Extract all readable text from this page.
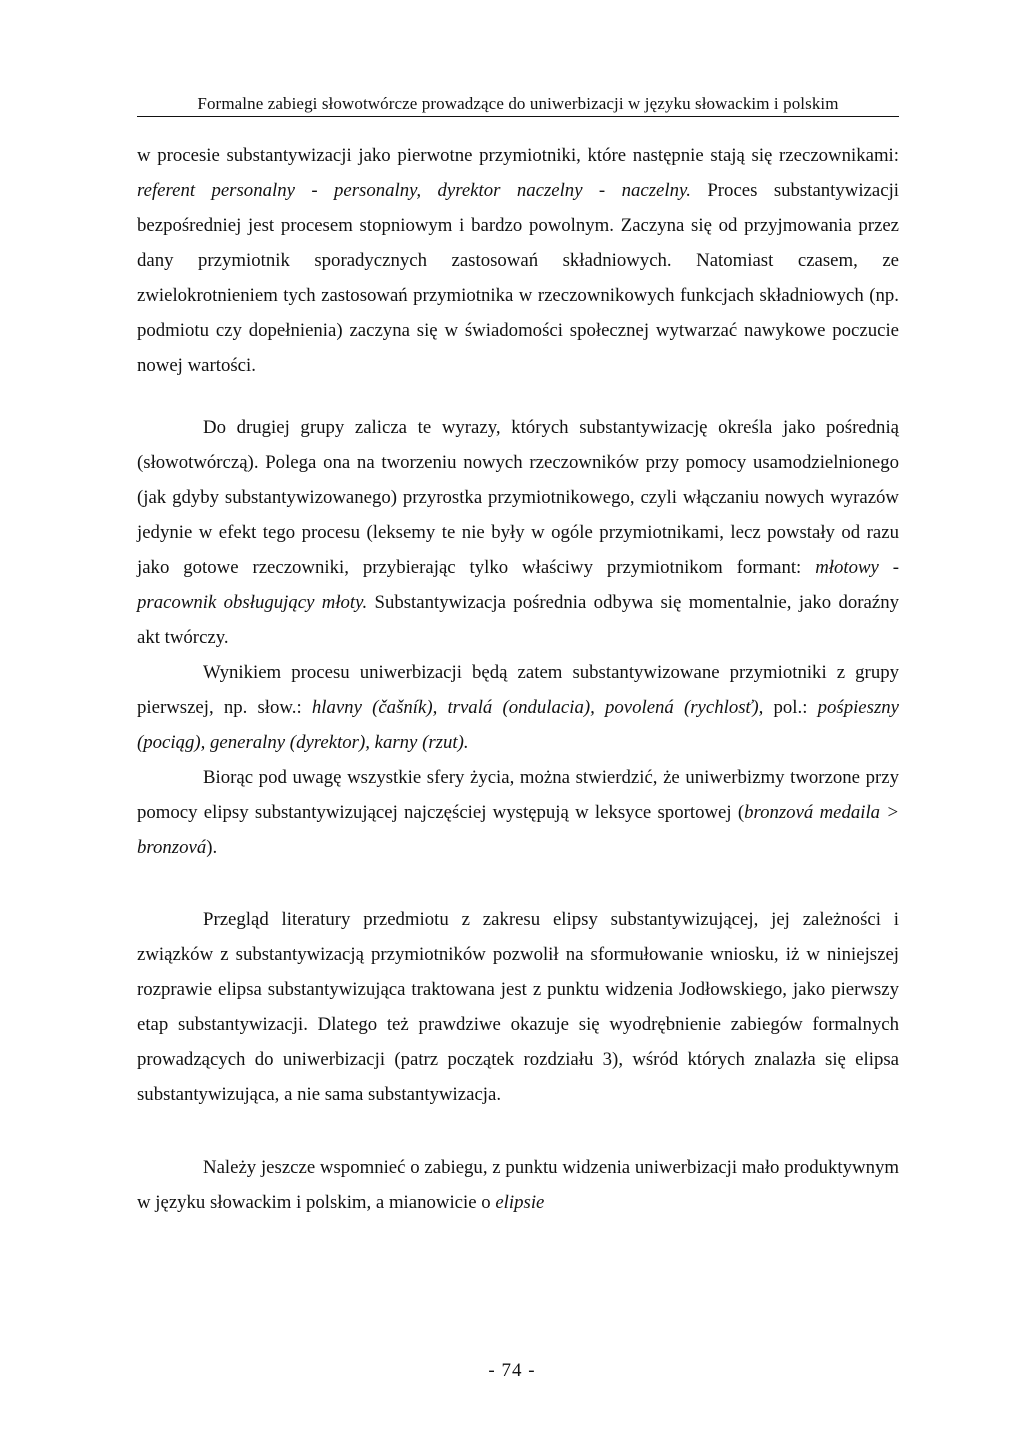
Formalne zabiegi słowotwórcze prowadzące do uniwerbizacji w języku słowackim i polskim

w procesie substantywizacji jako pierwotne przymiotniki, które następnie stają się rzeczownikami: referent personalny - personalny, dyrektor naczelny - naczelny. Proces substantywizacji bezpośredniej jest procesem stopniowym i bardzo powolnym. Zaczyna się od przyjmowania przez dany przymiotnik sporadycznych zastosowań składniowych. Natomiast czasem, ze zwielokrotnieniem tych zastosowań przymiotnika w rzeczownikowych funkcjach składniowych (np. podmiotu czy dopełnienia) zaczyna się w świadomości społecznej wytwarzać nawykowe poczucie nowej wartości.

Do drugiej grupy zalicza te wyrazy, których substantywizację określa jako pośrednią (słowotwórczą). Polega ona na tworzeniu nowych rzeczowników przy pomocy usamodzielnionego (jak gdyby substantywizowanego) przyrostka przymiotnikowego, czyli włączaniu nowych wyrazów jedynie w efekt tego procesu (leksemy te nie były w ogóle przymiotnikami, lecz powstały od razu jako gotowe rzeczowniki, przybierając tylko właściwy przymiotnikom formant: młotowy - pracownik obsługujący młoty. Substantywizacja pośrednia odbywa się momentalnie, jako doraźny akt twórczy.

Wynikiem procesu uniwerbizacji będą zatem substantywizowane przymiotniki z grupy pierwszej, np. słow.: hlavny (čašník), trvalá (ondulacia), povolená (rychlosť), pol.: pośpieszny (pociąg), generalny (dyrektor), karny (rzut).

Biorąc pod uwagę wszystkie sfery życia, można stwierdzić, że uniwerbizmy tworzone przy pomocy elipsy substantywizującej najczęściej występują w leksyce sportowej (bronzová medaila > bronzová).

Przegląd literatury przedmiotu z zakresu elipsy substantywizującej, jej zależności i związków z substantywizacją przymiotników pozwolił na sformułowanie wniosku, iż w niniejszej rozprawie elipsa substantywizująca traktowana jest z punktu widzenia Jodłowskiego, jako pierwszy etap substantywizacji. Dlatego też prawdziwe okazuje się wyodrębnienie zabiegów formalnych prowadzących do uniwerbizacji (patrz początek rozdziału 3), wśród których znalazła się elipsa substantywizująca, a nie sama substantywizacja.

Należy jeszcze wspomnieć o zabiegu, z punktu widzenia uniwerbizacji mało produktywnym w języku słowackim i polskim, a mianowicie o elipsie

- 74 -
